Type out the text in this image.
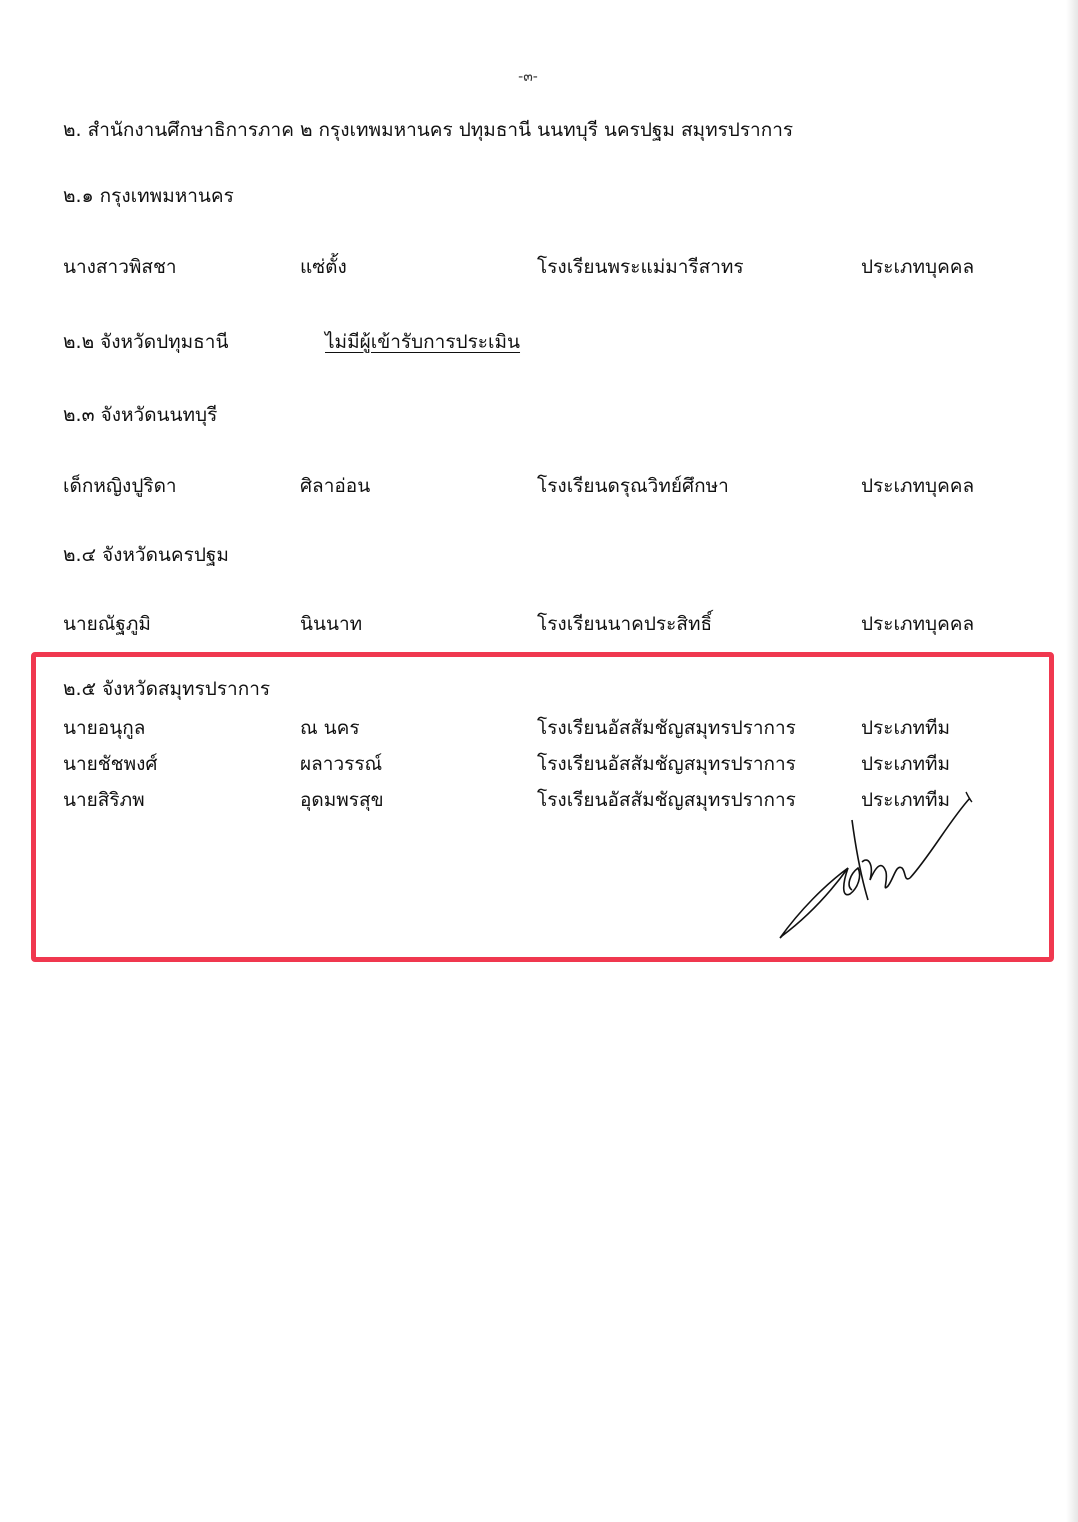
-๓-
๒. สำนักงานศึกษาธิการภาค ๒ กรุงเทพมหานคร ปทุมธานี นนทบุรี นครปฐม สมุทรปราการ
๒.๑ กรุงเทพมหานคร
นางสาวพิสชา	แซ่ตั้ง	โรงเรียนพระแม่มารีสาทร	ประเภทบุคคล
๒.๒ จังหวัดปทุมธานี	ไม่มีผู้เข้ารับการประเมิน
๒.๓ จังหวัดนนทบุรี
เด็กหญิงปูริดา	ศิลาอ่อน	โรงเรียนดรุณวิทย์ศึกษา	ประเภทบุคคล
๒.๔ จังหวัดนครปฐม
นายณัฐภูมิ	นินนาท	โรงเรียนนาคประสิทธิ์	ประเภทบุคคล
๒.๕ จังหวัดสมุทรปราการ
นายอนุกูล	ณ นคร	โรงเรียนอัสสัมชัญสมุทรปราการ	ประเภททีม
นายชัชพงศ์	ผลาวรรณ์	โรงเรียนอัสสัมชัญสมุทรปราการ	ประเภททีม
นายสิริภพ	อุดมพรสุข	โรงเรียนอัสสัมชัญสมุทรปราการ	ประเภททีม
